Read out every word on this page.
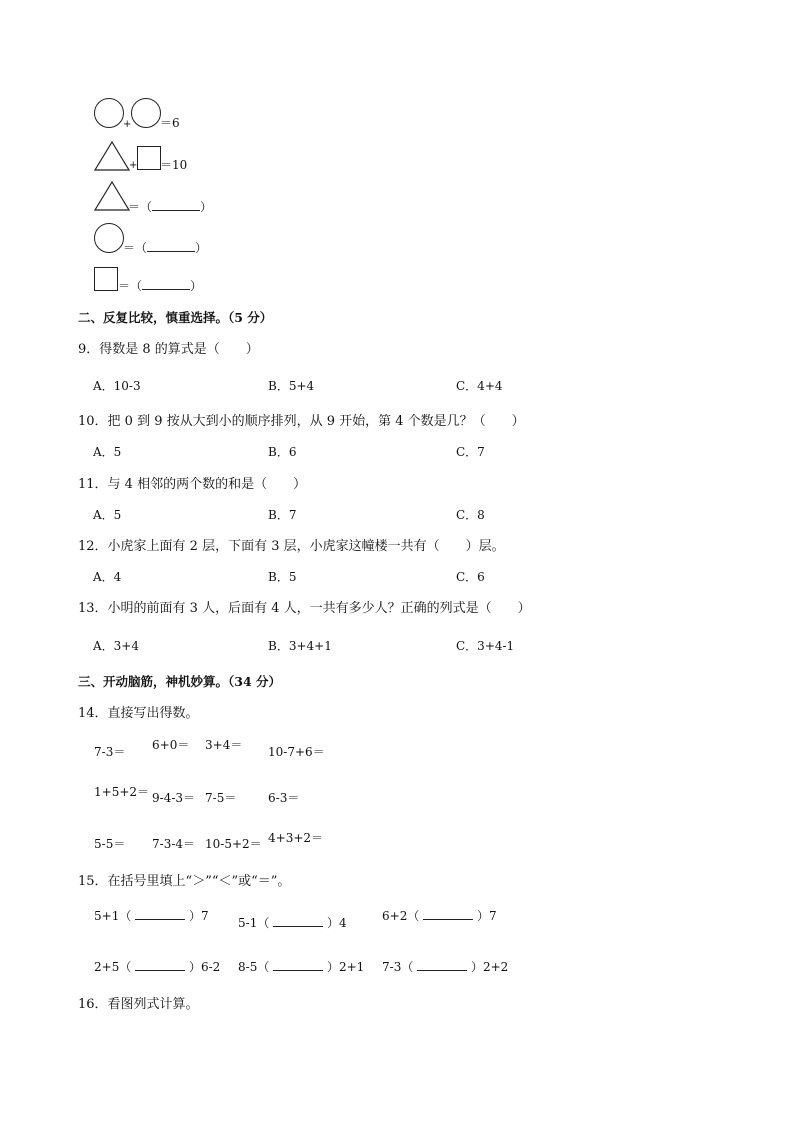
+ ＝6
+ ＝10
＝（	）
＝（	）
＝（	）
二、反复比较，慎重选择。（5 分）
9．得数是 8 的算式是（　　）
A．10-3	B．5+4	C．4+4
10．把 0 到 9 按从大到小的顺序排列，从 9 开始，第 4 个数是几？（　　）
A．5	B．6	C．7
11．与 4 相邻的两个数的和是（　　）
A．5	B．7	C．8
12．小虎家上面有 2 层，下面有 3 层，小虎家这幢楼一共有（　　）层。
A．4	B．5	C．6
13．小明的前面有 3 人，后面有 4 人，一共有多少人？正确的列式是（　　）
A．3+4	B．3+4+1	C．3+4-1
三、开动脑筋，神机妙算。（34 分）
14．直接写出得数。
7-3＝ 6+0＝ 3+4＝ 10-7+6＝
1+5+2＝ 9-4-3＝ 7-5＝	6-3＝
5-5＝ 7-3-4＝ 10-5+2＝ 4+3+2＝
15．在括号里填上“＞”“＜”或“＝”。
5+1（	）7 5-1（	）4	6+2（	）7
2+5（	）6-2 8-5（	）2+1 7-3（	）2+2
16．看图列式计算。
